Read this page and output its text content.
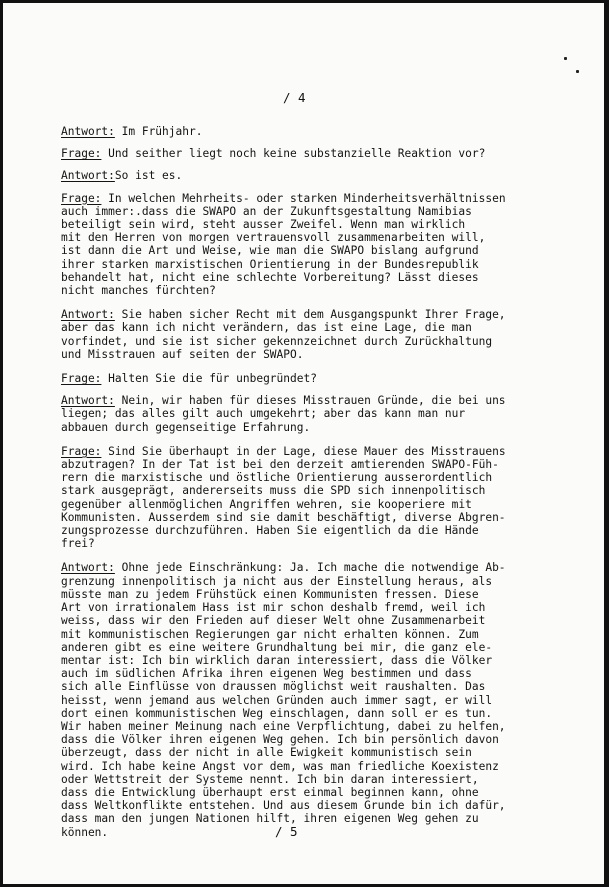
/ 4

Antwort: Im Frühjahr.

Frage: Und seither liegt noch keine substanzielle Reaktion vor?

Antwort:So ist es.

Frage: In welchen Mehrheits- oder starken Minderheitsverhältnissen
auch immer:.dass die SWAPO an der Zukunftsgestaltung Namibias
beteiligt sein wird, steht ausser Zweifel. Wenn man wirklich
mit den Herren von morgen vertrauensvoll zusammenarbeiten will,
ist dann die Art und Weise, wie man die SWAPO bislang aufgrund
ihrer starken marxistischen Orientierung in der Bundesrepublik
behandelt hat, nicht eine schlechte Vorbereitung? Lässt dieses
nicht manches fürchten?

Antwort: Sie haben sicher Recht mit dem Ausgangspunkt Ihrer Frage,
aber das kann ich nicht verändern, das ist eine Lage, die man
vorfindet, und sie ist sicher gekennzeichnet durch Zurückhaltung
und Misstrauen auf seiten der SWAPO.

Frage: Halten Sie die für unbegründet?

Antwort: Nein, wir haben für dieses Misstrauen Gründe, die bei uns
liegen; das alles gilt auch umgekehrt; aber das kann man nur
abbauen durch gegenseitige Erfahrung.

Frage: Sind Sie überhaupt in der Lage, diese Mauer des Misstrauens
abzutragen? In der Tat ist bei den derzeit amtierenden SWAPO-Füh-
rern die marxistische und östliche Orientierung ausserordentlich
stark ausgeprägt, andererseits muss die SPD sich innenpolitisch
gegenüber allenmöglichen Angriffen wehren, sie kooperiere mit
Kommunisten. Ausserdem sind sie damit beschäftigt, diverse Abgren-
zungsprozesse durchzuführen. Haben Sie eigentlich da die Hände
frei?

Antwort: Ohne jede Einschränkung: Ja. Ich mache die notwendige Ab-
grenzung innenpolitisch ja nicht aus der Einstellung heraus, als
müsste man zu jedem Frühstück einen Kommunisten fressen. Diese
Art von irrationalem Hass ist mir schon deshalb fremd, weil ich
weiss, dass wir den Frieden auf dieser Welt ohne Zusammenarbeit
mit kommunistischen Regierungen gar nicht erhalten können. Zum
anderen gibt es eine weitere Grundhaltung bei mir, die ganz ele-
mentar ist: Ich bin wirklich daran interessiert, dass die Völker
auch im südlichen Afrika ihren eigenen Weg bestimmen und dass
sich alle Einflüsse von draussen möglichst weit raushalten. Das
heisst, wenn jemand aus welchen Gründen auch immer sagt, er will
dort einen kommunistischen Weg einschlagen, dann soll er es tun.
Wir haben meiner Meinung nach eine Verpflichtung, dabei zu helfen,
dass die Völker ihren eigenen Weg gehen. Ich bin persönlich davon
überzeugt, dass der nicht in alle Ewigkeit kommunistisch sein
wird. Ich habe keine Angst vor dem, was man friedliche Koexistenz
oder Wettstreit der Systeme nennt. Ich bin daran interessiert,
dass die Entwicklung überhaupt erst einmal beginnen kann, ohne
dass Weltkonflikte entstehen. Und aus diesem Grunde bin ich dafür,
dass man den jungen Nationen hilft, ihren eigenen Weg gehen zu
können.	/ 5
